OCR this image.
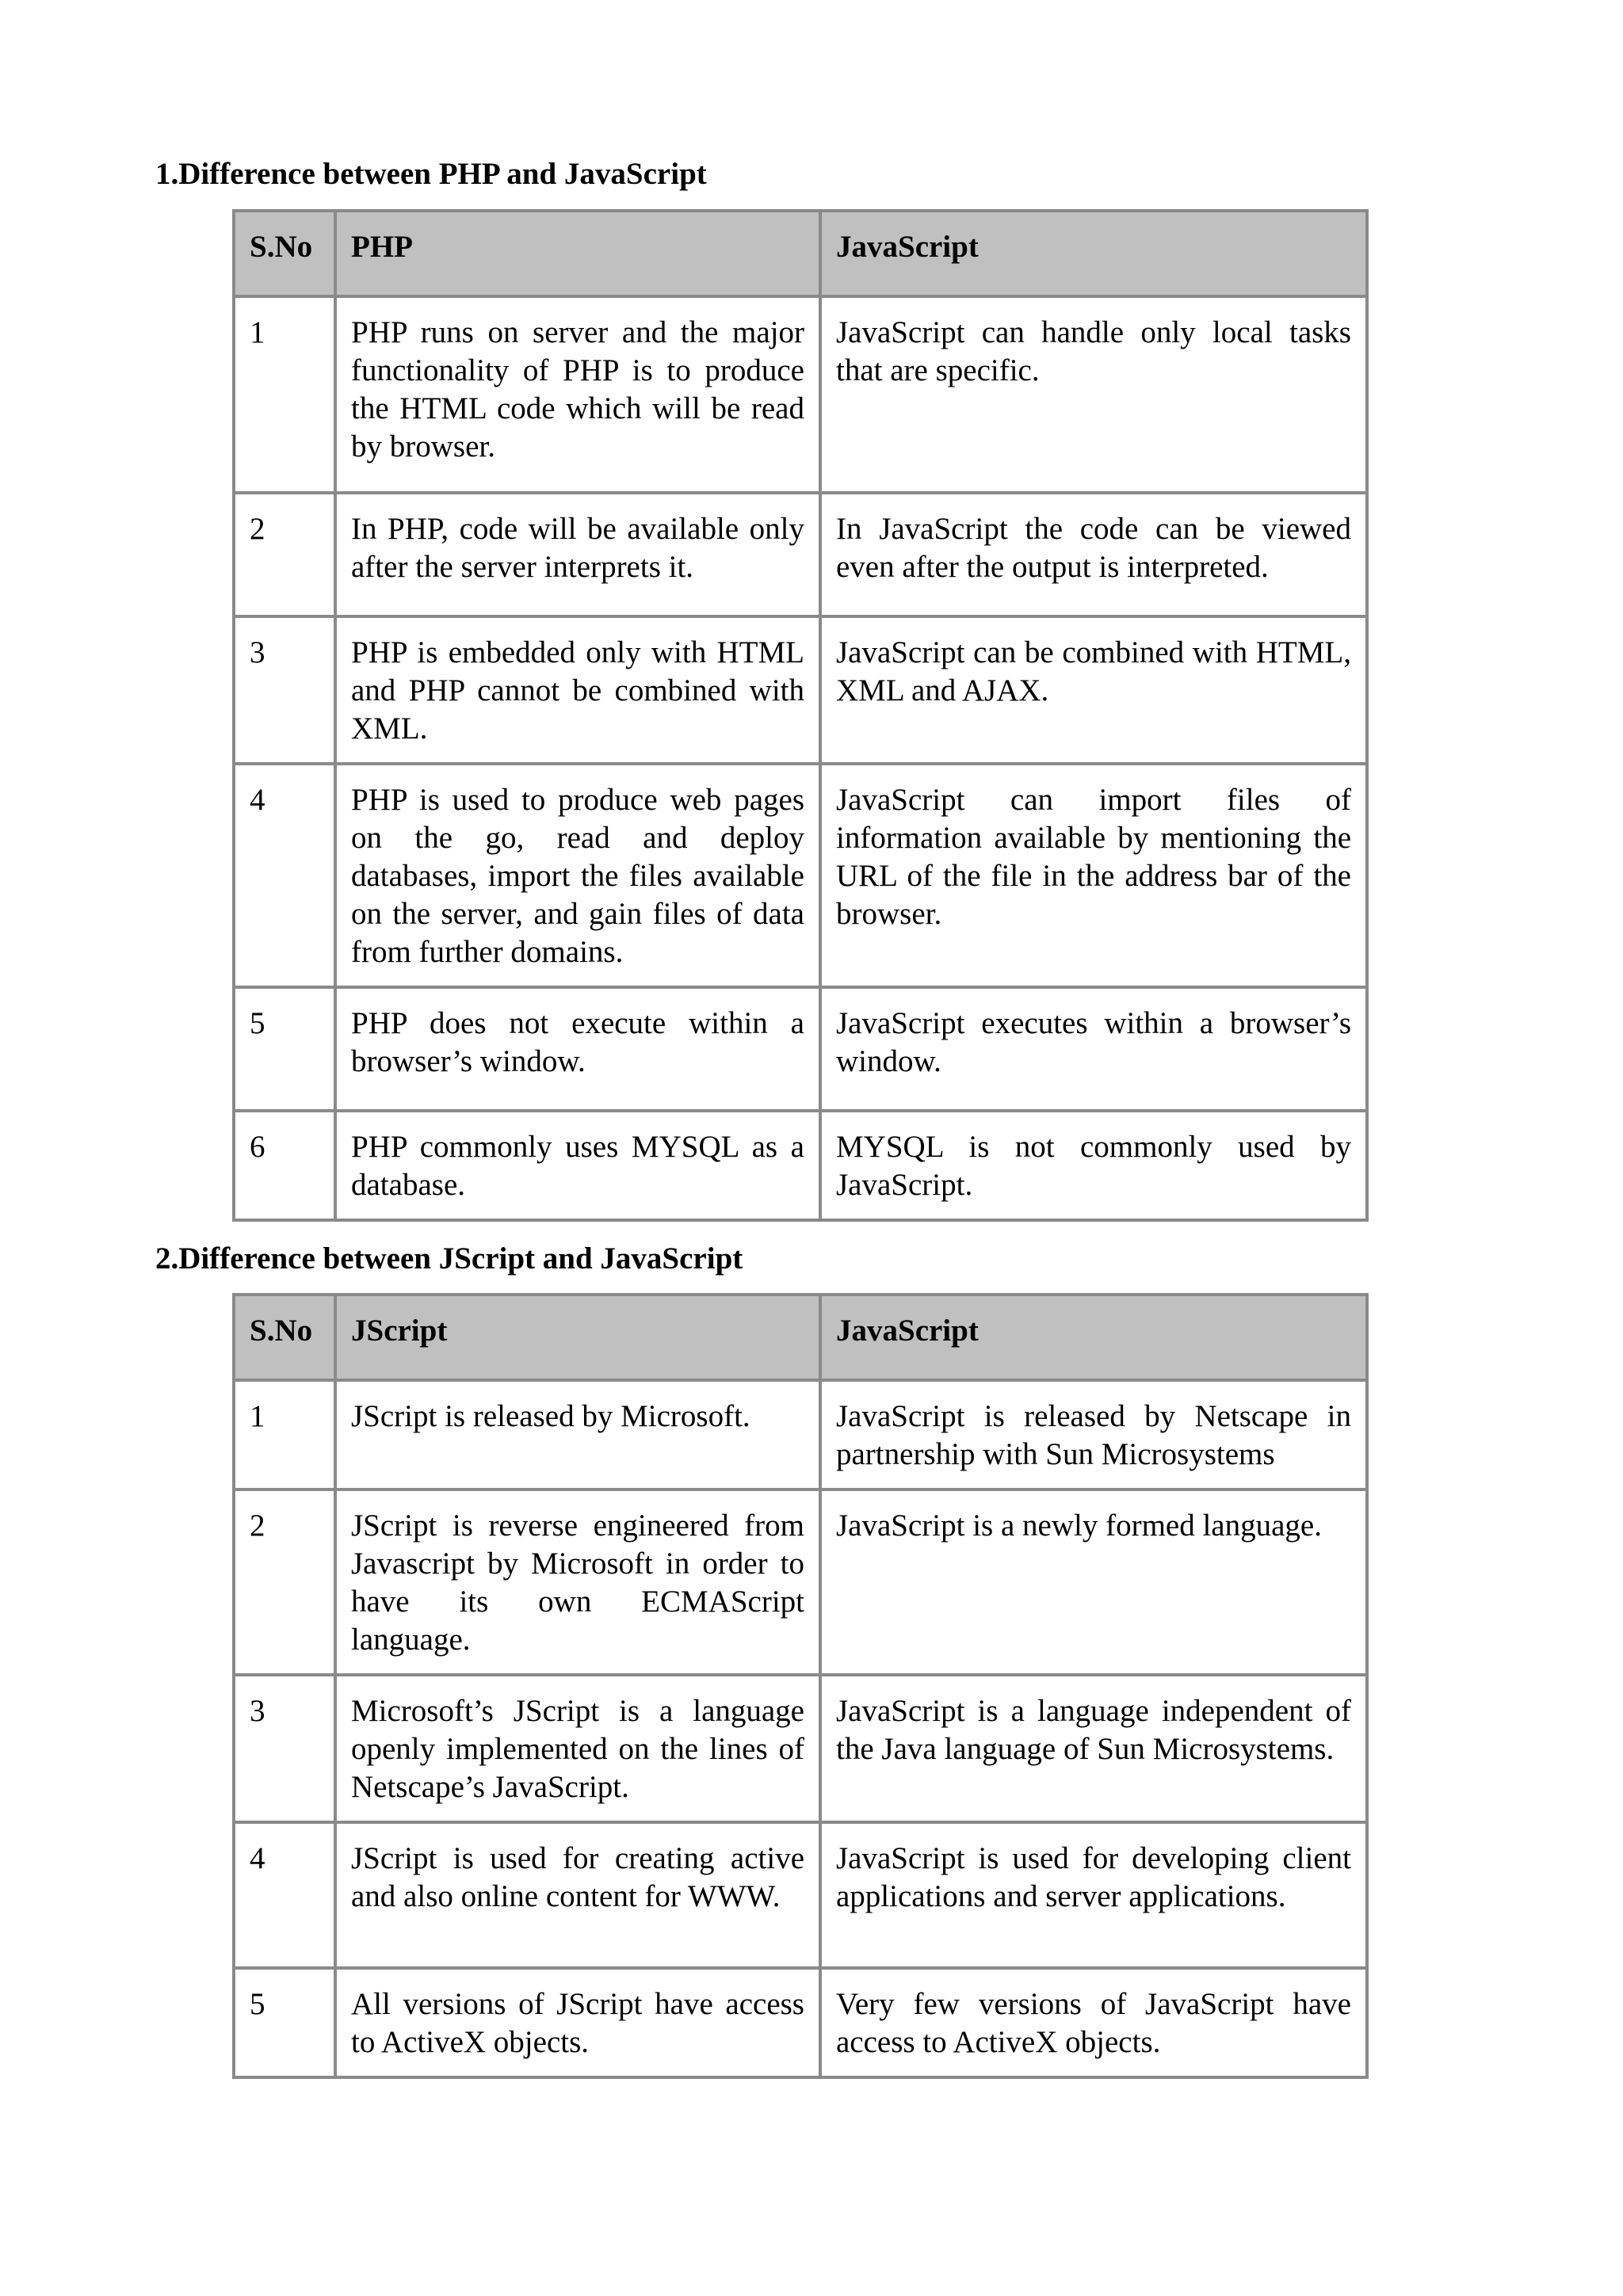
1.Difference between PHP and JavaScript
S.No	PHP	JavaScript
1	PHP runs on server and the major functionality of PHP is to produce the HTML code which will be read by browser.	JavaScript can handle only local tasks that are specific.
2	In PHP, code will be available only after the server interprets it.	In JavaScript the code can be viewed even after the output is interpreted.
3	PHP is embedded only with HTML and PHP cannot be combined with XML.	JavaScript can be combined with HTML, XML and AJAX.
4	PHP is used to produce web pages on the go, read and deploy databases, import the files available on the server, and gain files of data from further domains.	JavaScript can import files of information available by mentioning the URL of the file in the address bar of the browser.
5	PHP does not execute within a browser’s window.	JavaScript executes within a browser’s window.
6	PHP commonly uses MYSQL as a database.	MYSQL is not commonly used by JavaScript.
2.Difference between JScript and JavaScript
S.No	JScript	JavaScript
1	JScript is released by Microsoft.	JavaScript is released by Netscape in partnership with Sun Microsystems
2	JScript is reverse engineered from Javascript by Microsoft in order to have its own ECMAScript language.	JavaScript is a newly formed language.
3	Microsoft’s JScript is a language openly implemented on the lines of Netscape’s JavaScript.	JavaScript is a language independent of the Java language of Sun Microsystems.
4	JScript is used for creating active and also online content for WWW.	JavaScript is used for developing client applications and server applications.
5	All versions of JScript have access to ActiveX objects.	Very few versions of JavaScript have access to ActiveX objects.
